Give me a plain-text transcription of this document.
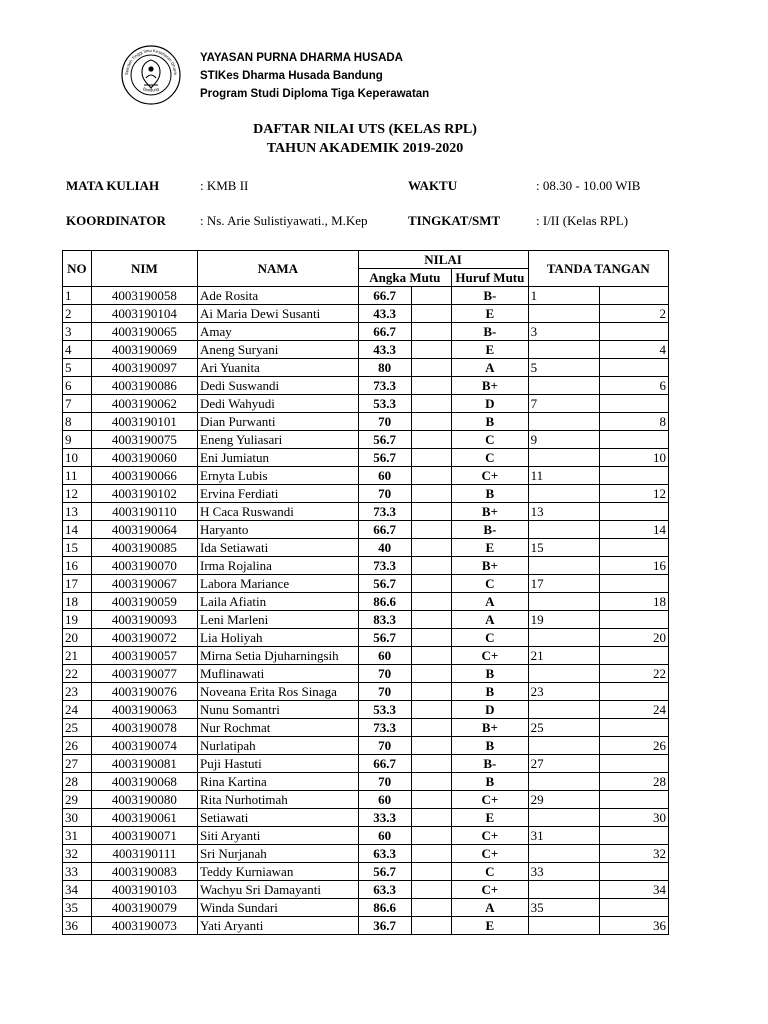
Sekolah Tinggi Ilmu Kesehatan Dharm
Bandung
YAYASAN PURNA DHARMA HUSADA
STIKes Dharma Husada Bandung
Program Studi Diploma Tiga Keperawatan
DAFTAR NILAI UTS (KELAS RPL)
TAHUN AKADEMIK 2019-2020
MATA KULIAH	: KMB II	WAKTU	: 08.30 - 10.00 WIB
KOORDINATOR	: Ns. Arie Sulistiyawati., M.Kep	TINGKAT/SMT	: I/II (Kelas RPL)
NO	NIM	NAMA	NILAI			TANDA TANGAN	
			Angka Mutu		Huruf Mutu		
1	4003190058	Ade Rosita	66.7		B-	1	
2	4003190104	Ai Maria Dewi Susanti	43.3		E		2
3	4003190065	Amay	66.7		B-	3	
4	4003190069	Aneng Suryani	43.3		E		4
5	4003190097	Ari Yuanita	80		A	5	
6	4003190086	Dedi Suswandi	73.3		B+		6
7	4003190062	Dedi Wahyudi	53.3		D	7	
8	4003190101	Dian Purwanti	70		B		8
9	4003190075	Eneng Yuliasari	56.7		C	9	
10	4003190060	Eni Jumiatun	56.7		C		10
11	4003190066	Ernyta Lubis	60		C+	11	
12	4003190102	Ervina Ferdiati	70		B		12
13	4003190110	H Caca Ruswandi	73.3		B+	13	
14	4003190064	Haryanto	66.7		B-		14
15	4003190085	Ida Setiawati	40		E	15	
16	4003190070	Irma Rojalina	73.3		B+		16
17	4003190067	Labora Mariance	56.7		C	17	
18	4003190059	Laila Afiatin	86.6		A		18
19	4003190093	Leni Marleni	83.3		A	19	
20	4003190072	Lia Holiyah	56.7		C		20
21	4003190057	Mirna Setia Djuharningsih	60		C+	21	
22	4003190077	Muflinawati	70		B		22
23	4003190076	Noveana Erita Ros Sinaga	70		B	23	
24	4003190063	Nunu Somantri	53.3		D		24
25	4003190078	Nur Rochmat	73.3		B+	25	
26	4003190074	Nurlatipah	70		B		26
27	4003190081	Puji Hastuti	66.7		B-	27	
28	4003190068	Rina Kartina	70		B		28
29	4003190080	Rita Nurhotimah	60		C+	29	
30	4003190061	Setiawati	33.3		E		30
31	4003190071	Siti Aryanti	60		C+	31	
32	4003190111	Sri Nurjanah	63.3		C+		32
33	4003190083	Teddy Kurniawan	56.7		C	33	
34	4003190103	Wachyu Sri Damayanti	63.3		C+		34
35	4003190079	Winda Sundari	86.6		A	35	
36	4003190073	Yati Aryanti	36.7		E		36
